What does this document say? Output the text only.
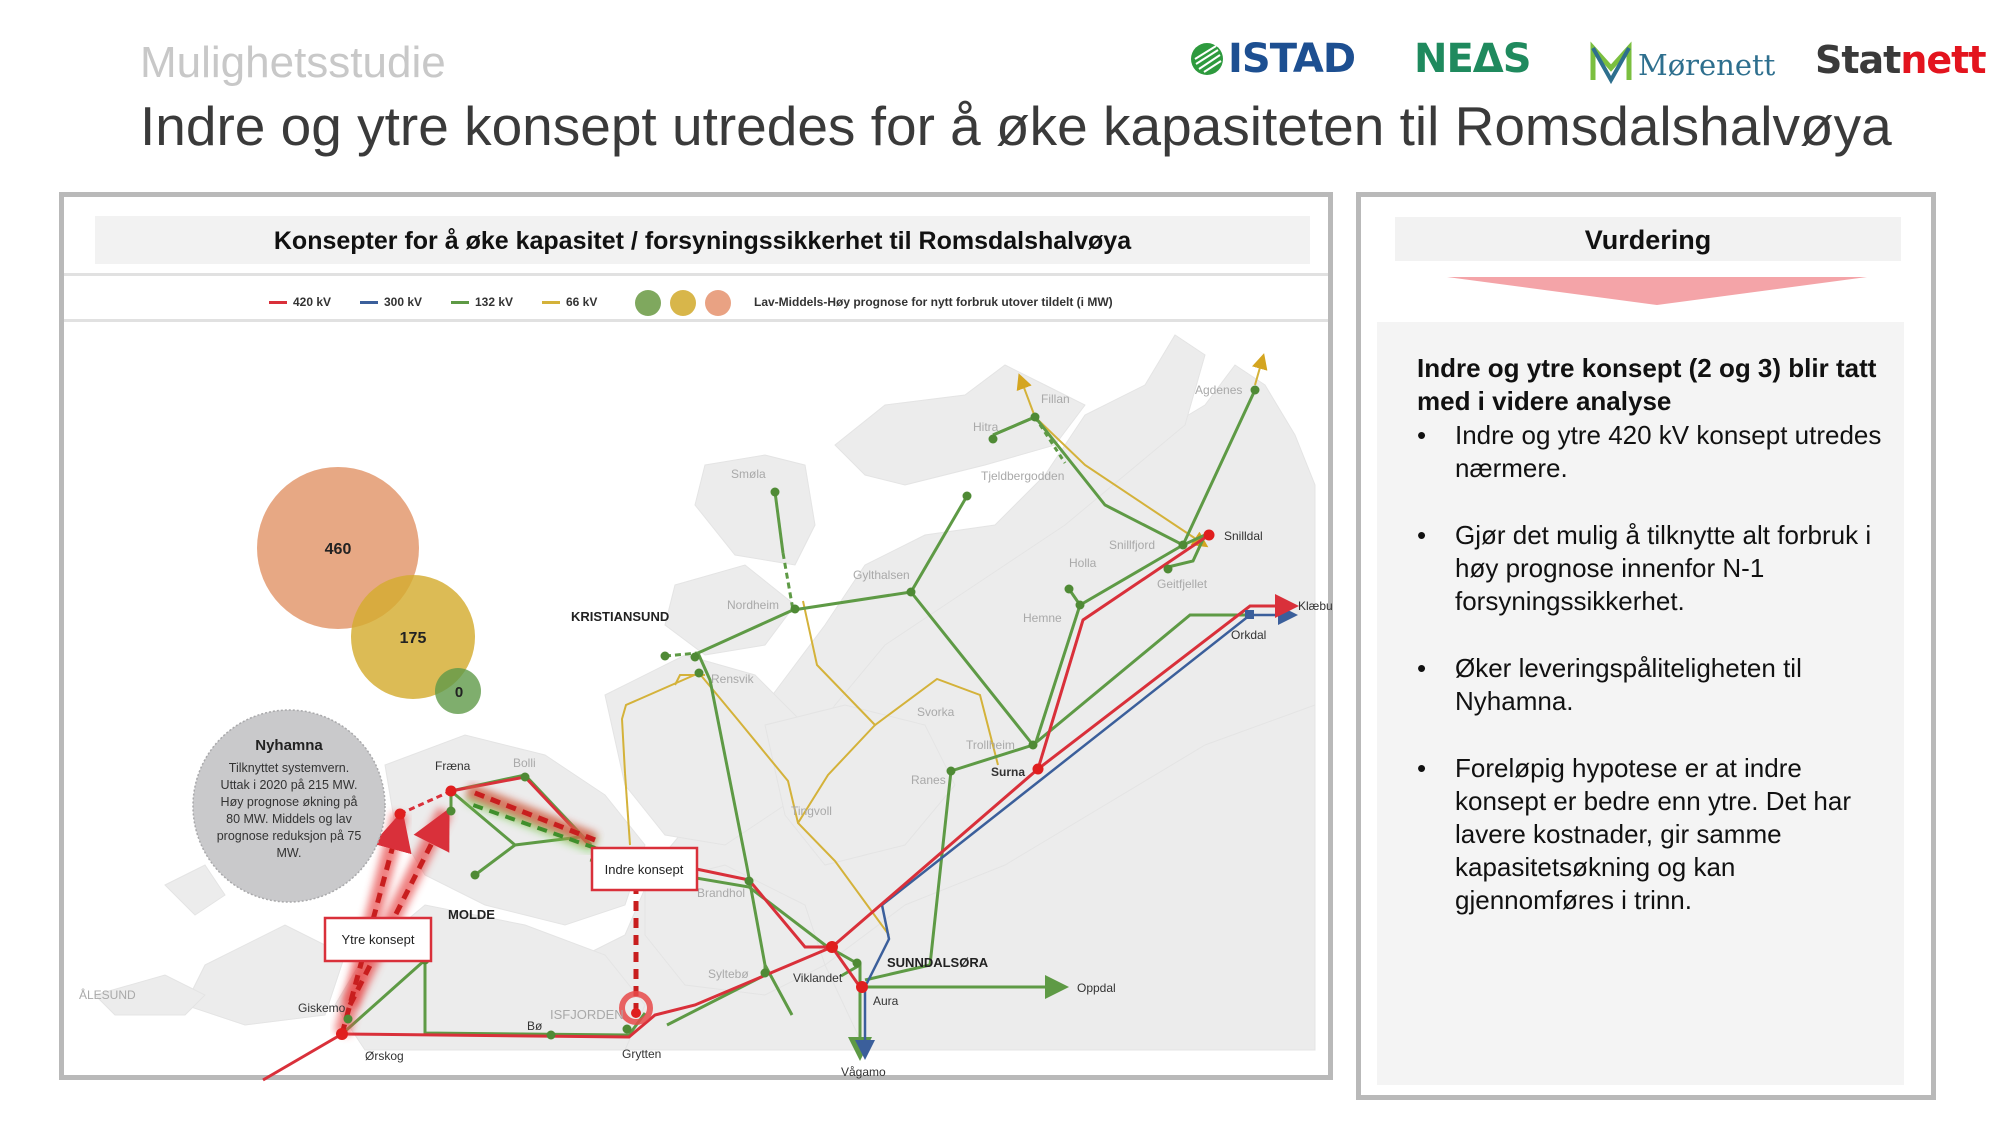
Mulighetsstudie
Indre og ytre konsept utredes for å øke kapasiteten til Romsdalshalvøya
ISTAD NEΔS	Mørenett Statnett
Konsepter for å øke kapasitet / forsyningssikkerhet til Romsdalshalvøya
420 kV	300 kV	132 kV	66 kV	Lav-Middels-Høy prognose for nytt forbruk utover tildelt (i MW)
Smøla
Hitra
Fillan
Agdenes
Tjeldbergodden
Snillfjord
Holla
Geitfjellet
Gylthalsen
Nordheim
Hemne
Rensvik
Svorka
Trollheim
Ranes
Tingvoll
Bolli
Brandhol
Syltebø
ÅLESUND
ISFJORDEN
Snilldal
Klæbu
Orkdal
Surna
Fræna
Viklandet
Aura
Oppdal
Vågamo
Giskemo
Ørskog
Bø
Grytten
KRISTIANSUND
MOLDE
SUNNDALSØRA
460
175
0
Nyhamna
Tilknyttet systemvern. Uttak i 2020 på 215 MW. Høy prognose økning på 80 MW. Middels og lav prognose reduksjon på 75 MW.
Indre konsept
Ytre konsept
Vurdering
Indre og ytre konsept (2 og 3) blir tatt med i videre analyse
• Indre og ytre 420 kV konsept utredes nærmere.
• Gjør det mulig å tilknytte alt forbruk i høy prognose innenfor N-1 forsyningssikkerhet.
• Øker leveringspåliteligheten til Nyhamna.
• Foreløpig hypotese er at indre konsept er bedre enn ytre. Det har lavere kostnader, gir samme kapasitetsøkning og kan gjennomføres i trinn.
